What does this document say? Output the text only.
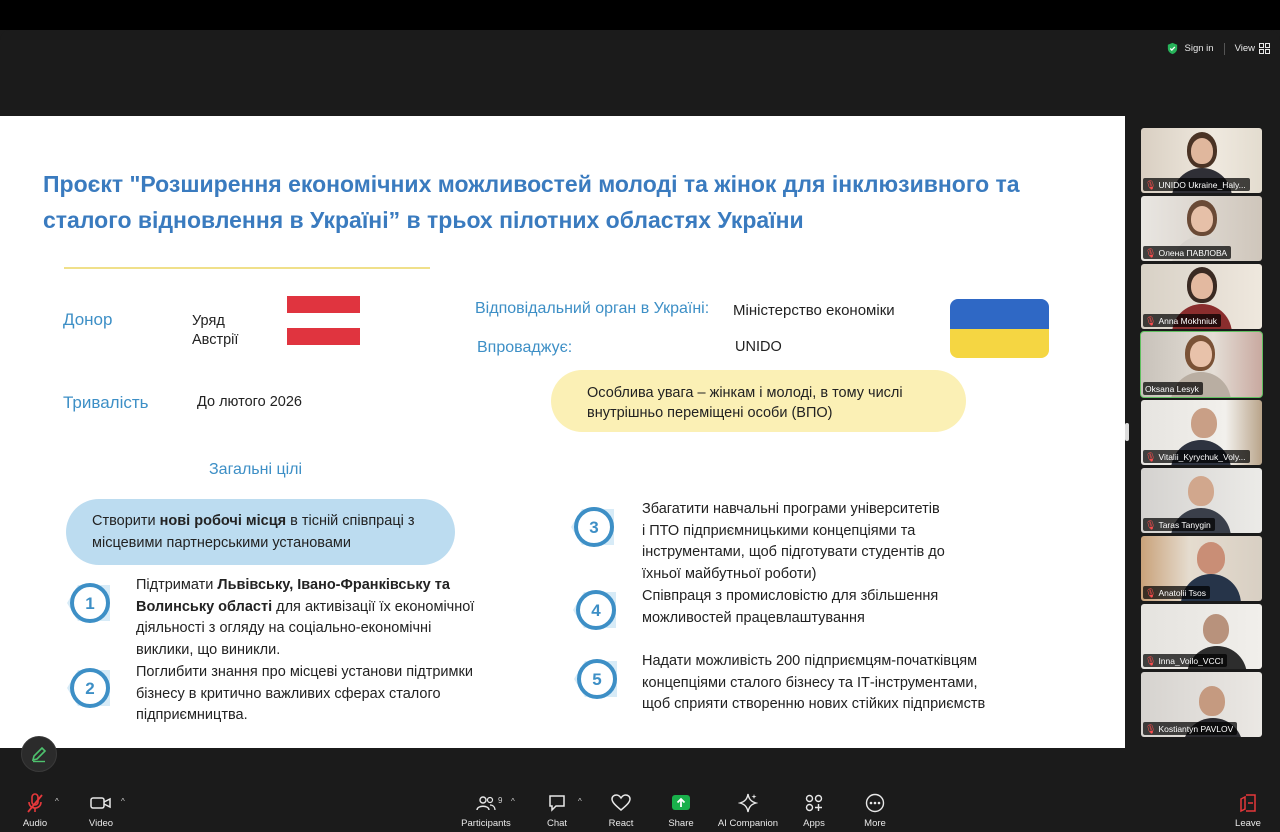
Sign in View
Проєкт "Розширення економічних можливостей молоді та жінок для інклюзивного та
сталого відновлення в Україні” в трьох пілотних областях України
Донор	Уряд
Австрії
Тривалість	До лютого 2026
Відповідальний орган в Україні: Міністерство економіки
Впроваджує:	UNIDO
Особлива увага – жінкам і молоді, в тому числі
внутрішньо переміщені особи (ВПО)
Загальні цілі
Створити нові робочі місця в тісній співпраці з
місцевими партнерськими установами
1
2
3
4
5
Підтримати Львівську, Івано-Франківську та
Волинську області для активізації їх економічної
діяльності з огляду на соціально-економічні
виклики, що виникли.
Поглибити знання про місцеві установи підтримки
бізнесу в критично важливих сферах сталого
підприємництва.
Збагатити навчальні програми університетів
і ПТО підприємницькими концепціями та
інструментами, щоб підготувати студентів до
їхньої майбутньої роботи)
Співпраця з промисловістю для збільшення
можливостей працевлаштування
Надати можливість 200 підприємцям-початківцям
концепціями сталого бізнесу та ІТ-інструментами,
щоб сприяти створенню нових стійких підприємств
🎙 UNIDO Ukraine_Haly...
🎙 Олена ПАВЛОВА
🎙 Anna Mokhniuk
Oksana Lesyk
🎙 Vitalii_Kyrychuk_Voly...
🎙 Taras Tanygin
🎙 Anatolii Tsos
🎙 Inna_Voilo_VCCI
🎙 Kostiantyn PAVLOV
Audio
^
Video
^
Participants
9 ^
Chat
^
React	Share	AI Companion	Apps	More	Leave
